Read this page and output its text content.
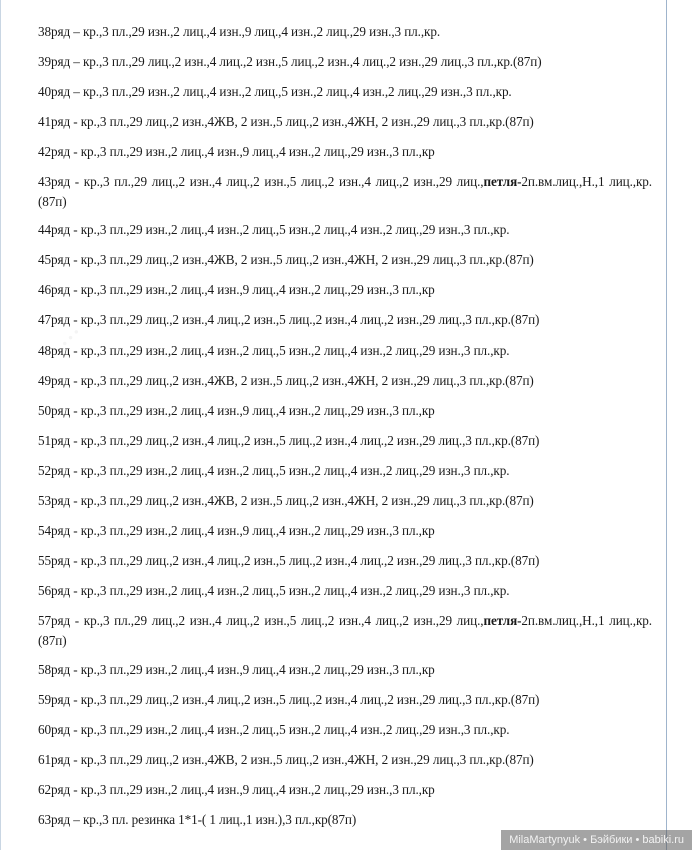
• • •
38ряд – кр.,3 пл.,29 изн.,2 лиц.,4 изн.,9 лиц.,4 изн.,2 лиц.,29 изн.,3 пл.,кр.
39ряд – кр.,3 пл.,29 лиц.,2 изн.,4 лиц.,2 изн.,5 лиц.,2 изн.,4 лиц.,2 изн.,29 лиц.,3 пл.,кр.(87п)
40ряд – кр.,3 пл.,29 изн.,2 лиц.,4 изн.,2 лиц.,5 изн.,2 лиц.,4 изн.,2 лиц.,29 изн.,3 пл.,кр.
41ряд - кр.,3 пл.,29 лиц.,2 изн.,4ЖВ, 2 изн.,5 лиц.,2 изн.,4ЖН, 2 изн.,29 лиц.,3 пл.,кр.(87п)
42ряд - кр.,3 пл.,29 изн.,2 лиц.,4 изн.,9 лиц.,4 изн.,2 лиц.,29 изн.,3 пл.,кр
43ряд - кр.,3 пл.,29 лиц.,2 изн.,4 лиц.,2 изн.,5 лиц.,2 изн.,4 лиц.,2 изн.,29 лиц.,петля-2п.вм.лиц.,Н.,1 лиц.,кр.(87п)
44ряд - кр.,3 пл.,29 изн.,2 лиц.,4 изн.,2 лиц.,5 изн.,2 лиц.,4 изн.,2 лиц.,29 изн.,3 пл.,кр.
45ряд - кр.,3 пл.,29 лиц.,2 изн.,4ЖВ, 2 изн.,5 лиц.,2 изн.,4ЖН, 2 изн.,29 лиц.,3 пл.,кр.(87п)
46ряд - кр.,3 пл.,29 изн.,2 лиц.,4 изн.,9 лиц.,4 изн.,2 лиц.,29 изн.,3 пл.,кр
47ряд - кр.,3 пл.,29 лиц.,2 изн.,4 лиц.,2 изн.,5 лиц.,2 изн.,4 лиц.,2 изн.,29 лиц.,3 пл.,кр.(87п)
48ряд - кр.,3 пл.,29 изн.,2 лиц.,4 изн.,2 лиц.,5 изн.,2 лиц.,4 изн.,2 лиц.,29 изн.,3 пл.,кр.
49ряд - кр.,3 пл.,29 лиц.,2 изн.,4ЖВ, 2 изн.,5 лиц.,2 изн.,4ЖН, 2 изн.,29 лиц.,3 пл.,кр.(87п)
50ряд - кр.,3 пл.,29 изн.,2 лиц.,4 изн.,9 лиц.,4 изн.,2 лиц.,29 изн.,3 пл.,кр
51ряд - кр.,3 пл.,29 лиц.,2 изн.,4 лиц.,2 изн.,5 лиц.,2 изн.,4 лиц.,2 изн.,29 лиц.,3 пл.,кр.(87п)
52ряд - кр.,3 пл.,29 изн.,2 лиц.,4 изн.,2 лиц.,5 изн.,2 лиц.,4 изн.,2 лиц.,29 изн.,3 пл.,кр.
53ряд - кр.,3 пл.,29 лиц.,2 изн.,4ЖВ, 2 изн.,5 лиц.,2 изн.,4ЖН, 2 изн.,29 лиц.,3 пл.,кр.(87п)
54ряд - кр.,3 пл.,29 изн.,2 лиц.,4 изн.,9 лиц.,4 изн.,2 лиц.,29 изн.,3 пл.,кр
55ряд - кр.,3 пл.,29 лиц.,2 изн.,4 лиц.,2 изн.,5 лиц.,2 изн.,4 лиц.,2 изн.,29 лиц.,3 пл.,кр.(87п)
56ряд - кр.,3 пл.,29 изн.,2 лиц.,4 изн.,2 лиц.,5 изн.,2 лиц.,4 изн.,2 лиц.,29 изн.,3 пл.,кр.
57ряд - кр.,3 пл.,29 лиц.,2 изн.,4 лиц.,2 изн.,5 лиц.,2 изн.,4 лиц.,2 изн.,29 лиц.,петля-2п.вм.лиц.,Н.,1 лиц.,кр.(87п)
58ряд - кр.,3 пл.,29 изн.,2 лиц.,4 изн.,9 лиц.,4 изн.,2 лиц.,29 изн.,3 пл.,кр
59ряд - кр.,3 пл.,29 лиц.,2 изн.,4 лиц.,2 изн.,5 лиц.,2 изн.,4 лиц.,2 изн.,29 лиц.,3 пл.,кр.(87п)
60ряд - кр.,3 пл.,29 изн.,2 лиц.,4 изн.,2 лиц.,5 изн.,2 лиц.,4 изн.,2 лиц.,29 изн.,3 пл.,кр.
61ряд - кр.,3 пл.,29 лиц.,2 изн.,4ЖВ, 2 изн.,5 лиц.,2 изн.,4ЖН, 2 изн.,29 лиц.,3 пл.,кр.(87п)
62ряд - кр.,3 пл.,29 изн.,2 лиц.,4 изн.,9 лиц.,4 изн.,2 лиц.,29 изн.,3 пл.,кр
63ряд – кр.,3 пл. резинка 1*1-( 1 лиц.,1 изн.),3 пл.,кр(87п)
MilaMartynyuk • Бэйбики • babiki.ru
